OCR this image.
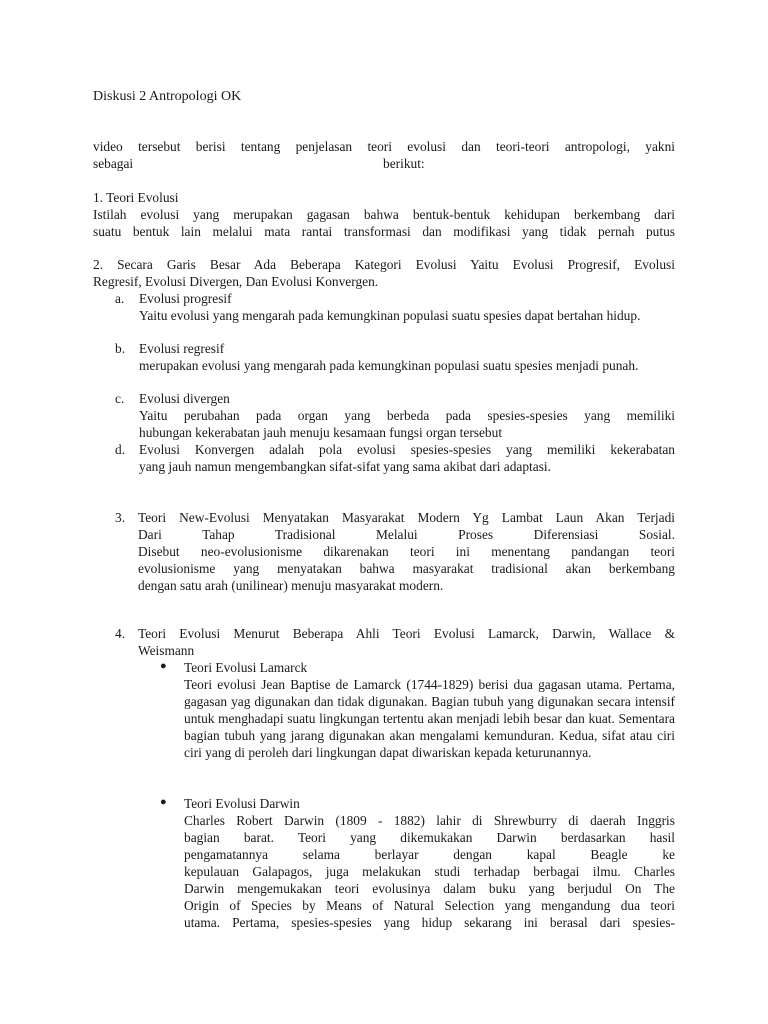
Diskusi 2 Antropologi OK
video tersebut berisi tentang penjelasan teori evolusi dan teori-teori antropologi, yakni
sebagai	berikut:
1. Teori Evolusi
Istilah evolusi yang merupakan gagasan bahwa bentuk-bentuk kehidupan berkembang dari
suatu bentuk lain melalui mata rantai transformasi dan modifikasi yang tidak pernah putus
2. Secara Garis Besar Ada Beberapa Kategori Evolusi Yaitu Evolusi Progresif, Evolusi
Regresif, Evolusi Divergen, Dan Evolusi Konvergen.
a.	Evolusi progresif
Yaitu evolusi yang mengarah pada kemungkinan populasi suatu spesies dapat bertahan hidup.
b.	Evolusi regresif
merupakan evolusi yang mengarah pada kemungkinan populasi suatu spesies menjadi punah.
c.	Evolusi divergen
Yaitu perubahan pada organ yang berbeda pada spesies-spesies yang memiliki
hubungan kekerabatan jauh menuju kesamaan fungsi organ tersebut
d.	Evolusi Konvergen adalah pola evolusi spesies-spesies yang memiliki kekerabatan
yang jauh namun mengembangkan sifat-sifat yang sama akibat dari adaptasi.
3. Teori New-Evolusi Menyatakan Masyarakat Modern Yg Lambat Laun Akan Terjadi
Dari Tahap Tradisional Melalui Proses Diferensiasi Sosial.
Disebut neo-evolusionisme dikarenakan teori ini menentang pandangan teori
evolusionisme yang menyatakan bahwa masyarakat tradisional akan berkembang
dengan satu arah (unilinear) menuju masyarakat modern.
4. Teori Evolusi Menurut Beberapa Ahli Teori Evolusi Lamarck, Darwin, Wallace &
Weismann
● Teori Evolusi Lamarck
Teori evolusi Jean Baptise de Lamarck (1744-1829) berisi dua gagasan utama. Pertama, gagasan yag digunakan dan tidak digunakan. Bagian tubuh yang digunakan secara intensif untuk menghadapi suatu lingkungan tertentu akan menjadi lebih besar dan kuat. Sementara bagian tubuh yang jarang digunakan akan mengalami kemunduran. Kedua, sifat atau ciri ciri yang di peroleh dari lingkungan dapat diwariskan kepada keturunannya.
● Teori Evolusi Darwin
Charles Robert Darwin (1809 - 1882) lahir di Shrewburry di daerah Inggris
bagian barat. Teori yang dikemukakan Darwin berdasarkan hasil
pengamatannya selama berlayar dengan kapal Beagle ke
kepulauan Galapagos, juga melakukan studi terhadap berbagai ilmu. Charles
Darwin mengemukakan teori evolusinya dalam buku yang berjudul On The
Origin of Species by Means of Natural Selection yang mengandung dua teori
utama. Pertama, spesies-spesies yang hidup sekarang ini berasal dari spesies-
